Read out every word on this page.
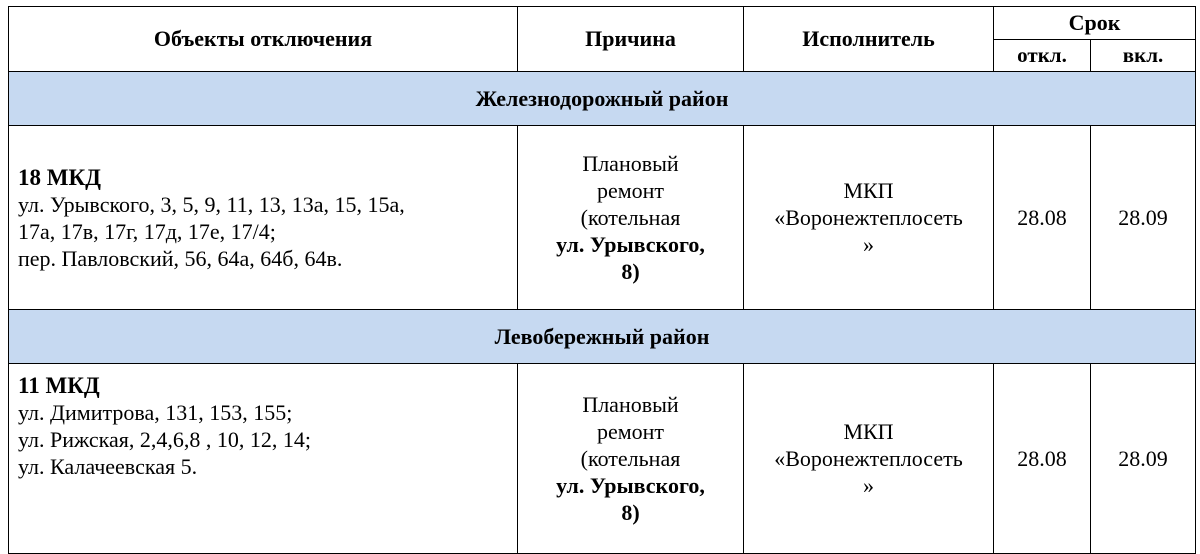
Объекты отключения	Причина	Исполнитель	Срок	
			откл.	вкл.
Железнодорожный район				

18 МКД
ул. Урывского, 3, 5, 9, 11, 13, 13а, 15, 15а,
17а, 17в, 17г, 17д, 17е, 17/4;
пер. Павловский, 56, 64а, 64б, 64в.	Плановый
ремонт
(котельная
ул. Урывского,
8)	МКП
«Воронежтеплосеть
»	28.08	28.09
Левобережный район				

11 МКД
ул. Димитрова, 131, 153, 155;
ул. Рижская, 2,4,6,8 , 10, 12, 14;
ул. Калачеевская 5.	Плановый
ремонт
(котельная
ул. Урывского,
8)	МКП
«Воронежтеплосеть
»	28.08	28.09
